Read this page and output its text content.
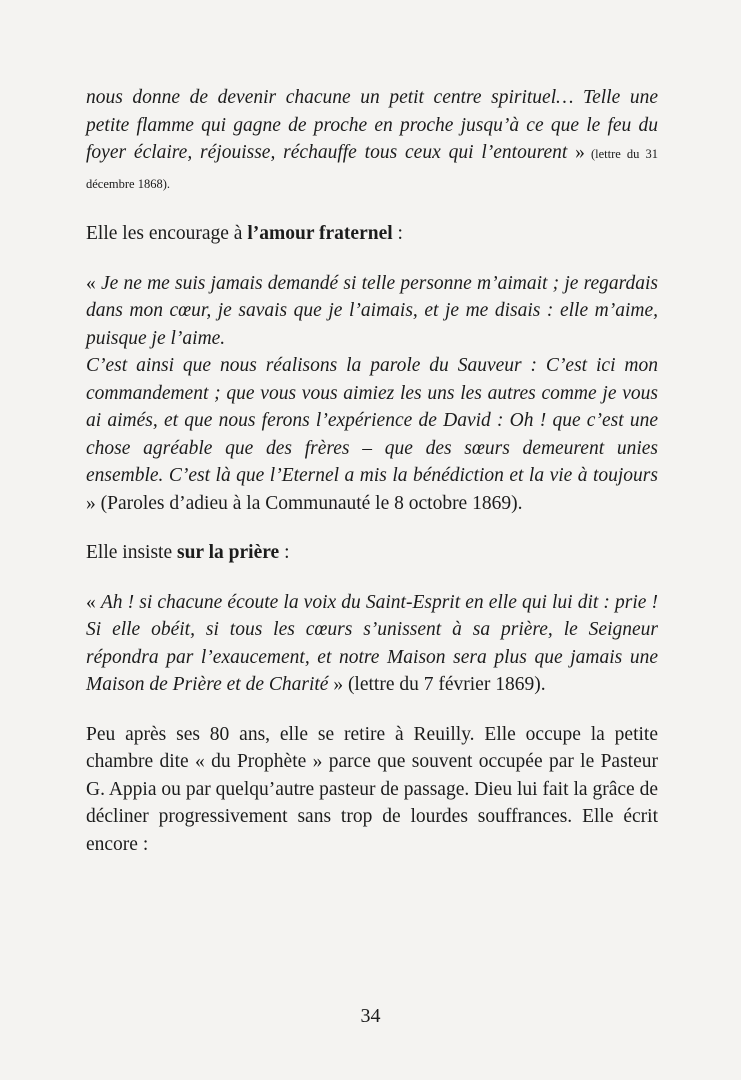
nous donne de devenir chacune un petit centre spirituel… Telle une petite flamme qui gagne de proche en proche jusqu’à ce que le feu du foyer éclaire, réjouisse, réchauffe tous ceux qui l’entourent » (lettre du 31 décembre 1868).

Elle les encourage à l’amour fraternel :

« Je ne me suis jamais demandé si telle personne m’aimait ; je regardais dans mon cœur, je savais que je l’aimais, et je me disais : elle m’aime, puisque je l’aime.

C’est ainsi que nous réalisons la parole du Sauveur : C’est ici mon commandement ; que vous vous aimiez les uns les autres comme je vous ai aimés, et que nous ferons l’expérience de David : Oh ! que c’est une chose agréable que des frères – que des sœurs demeurent unies ensemble. C’est là que l’Eternel a mis la bénédiction et la vie à toujours » (Paroles d’adieu à la Communauté le 8 octobre 1869).

Elle insiste sur la prière :

« Ah ! si chacune écoute la voix du Saint-Esprit en elle qui lui dit : prie ! Si elle obéit, si tous les cœurs s’unissent à sa prière, le Seigneur répondra par l’exaucement, et notre Maison sera plus que jamais une Maison de Prière et de Charité » (lettre du 7 février 1869).

Peu après ses 80 ans, elle se retire à Reuilly. Elle occupe la petite chambre dite « du Prophète » parce que souvent occupée par le Pasteur G. Appia ou par quelqu’autre pasteur de passage. Dieu lui fait la grâce de décliner progressivement sans trop de lourdes souffrances. Elle écrit encore :

34
